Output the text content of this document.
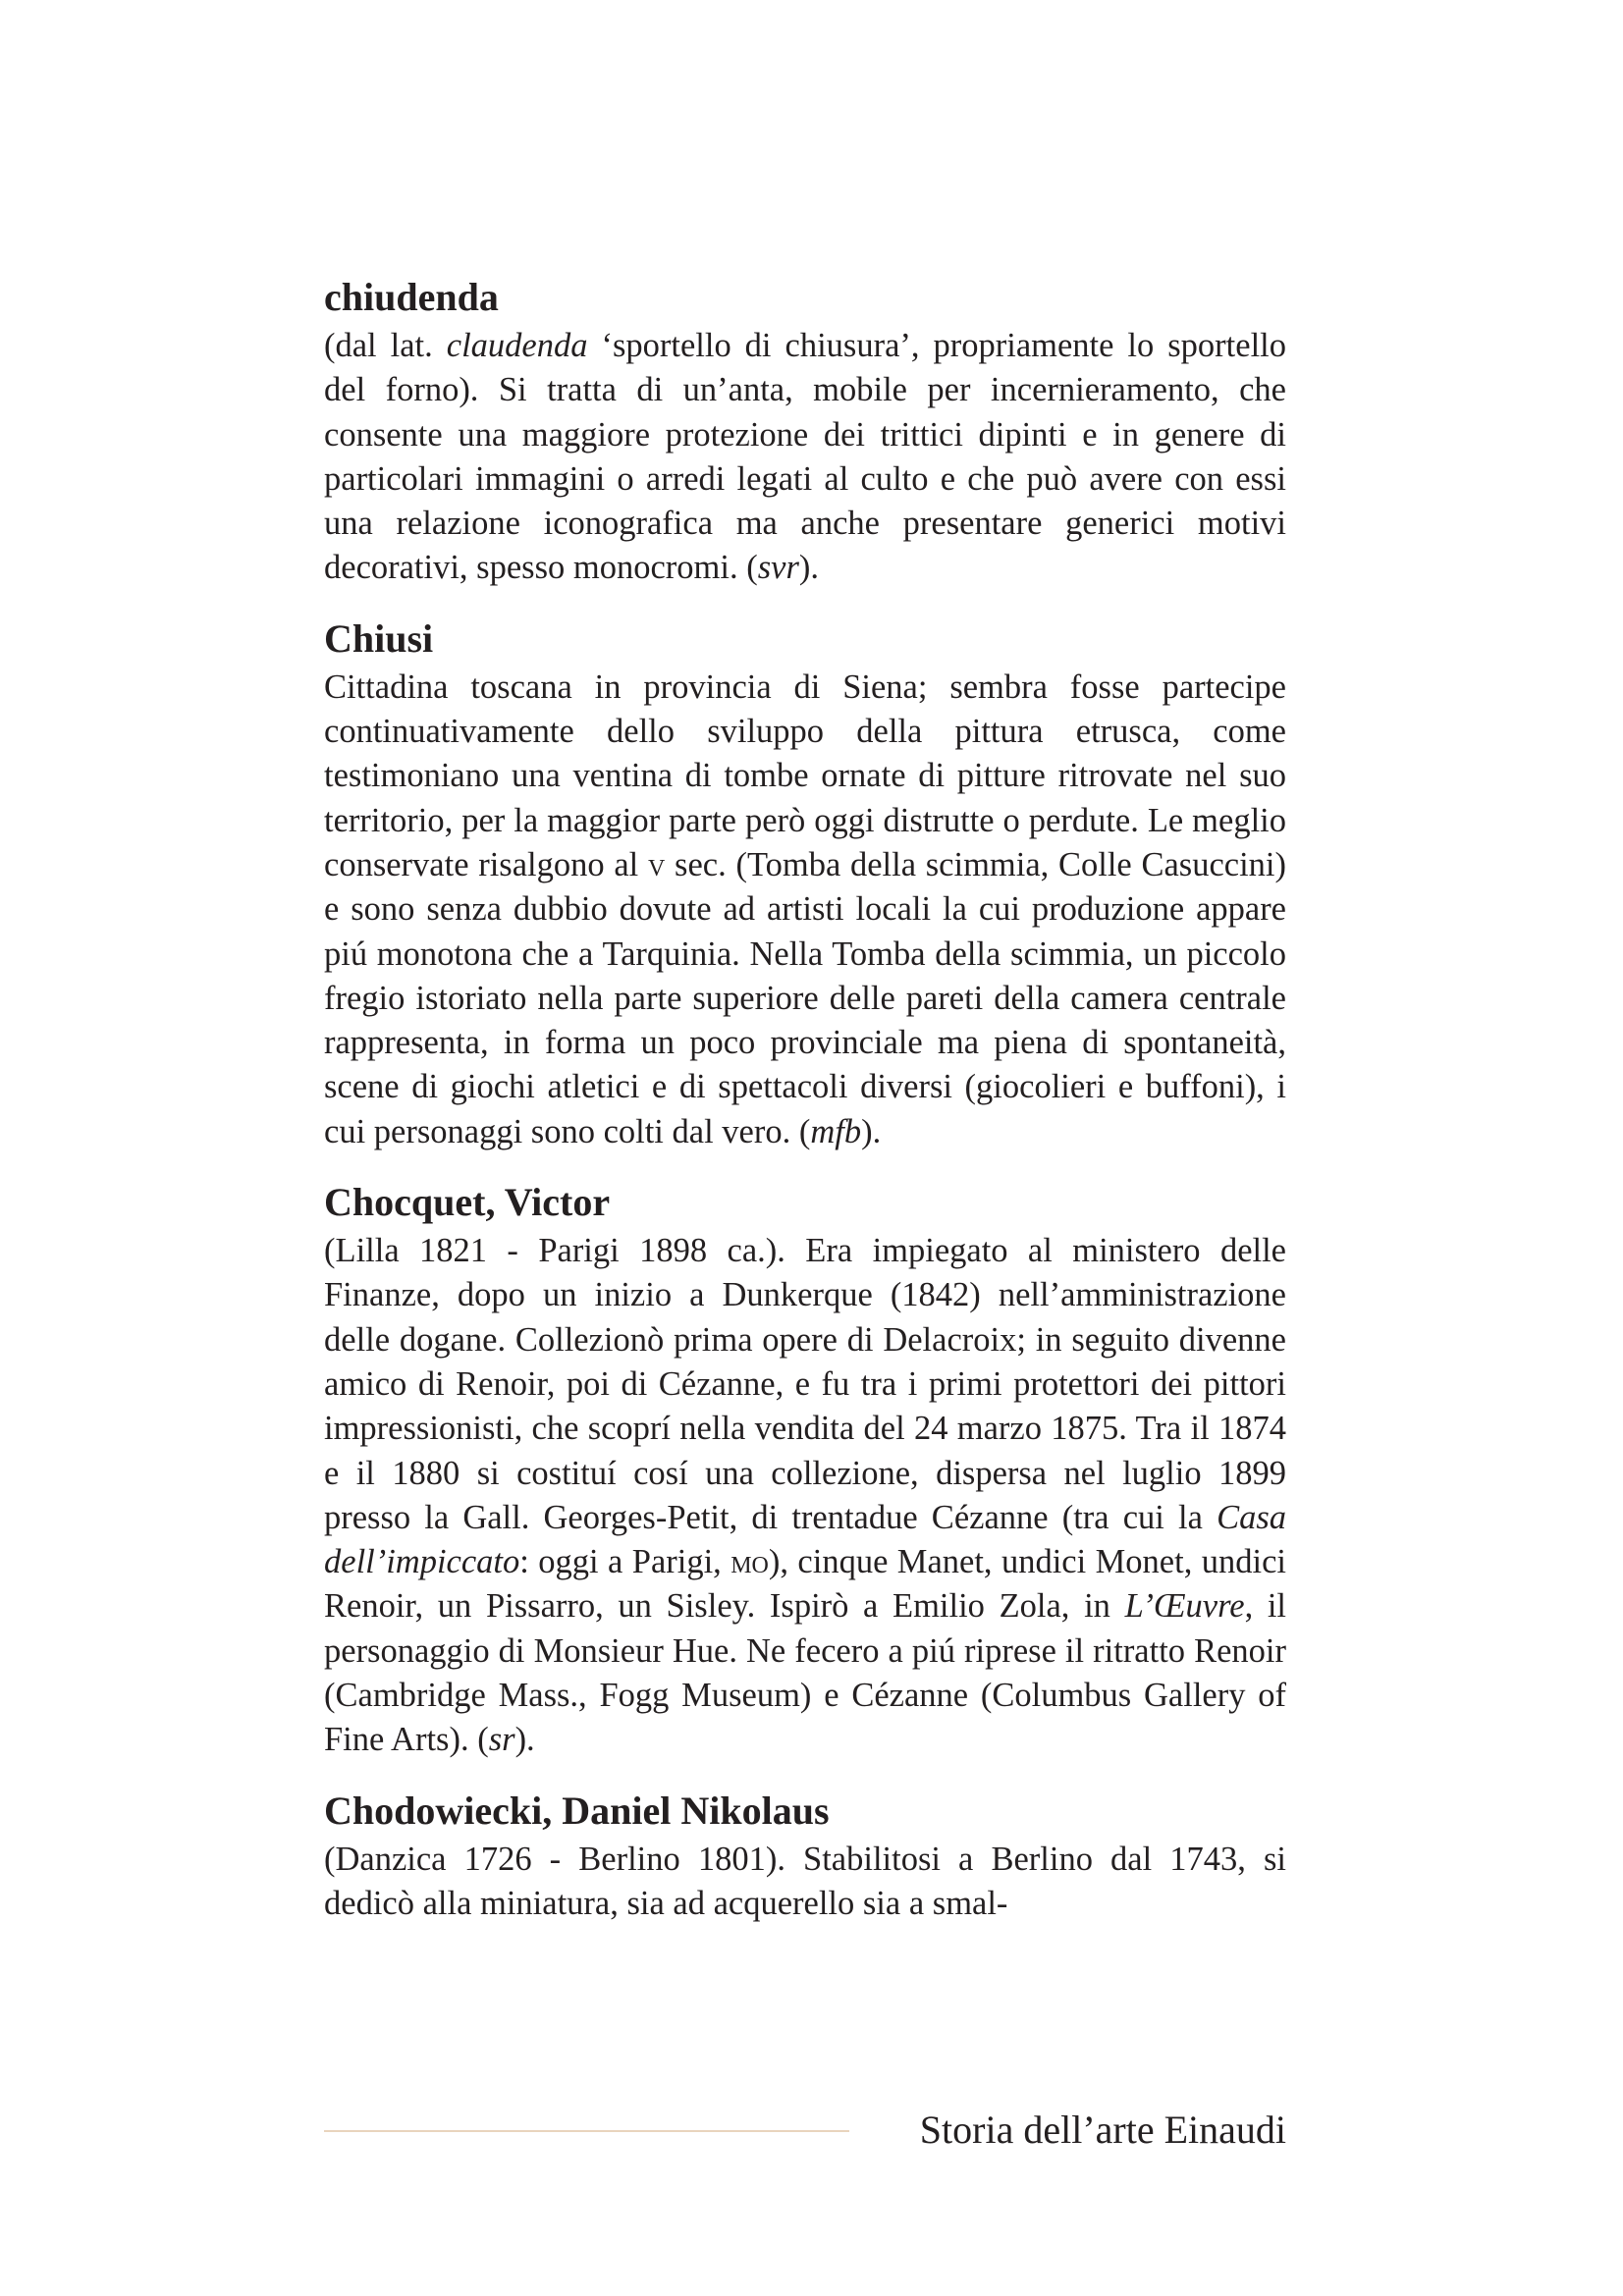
chiudenda

(dal lat. claudenda ‘sportello di chiusura’, propriamente lo sportello del forno). Si tratta di un’anta, mobile per incernieramento, che consente una maggiore protezione dei trittici dipinti e in genere di particolari immagini o arredi legati al culto e che può avere con essi una relazione iconografica ma anche presentare generici motivi decorativi, spesso monocromi. (svr).

Chiusi

Cittadina toscana in provincia di Siena; sembra fosse partecipe continuativamente dello sviluppo della pittura etrusca, come testimoniano una ventina di tombe ornate di pitture ritrovate nel suo territorio, per la maggior parte però oggi distrutte o perdute. Le meglio conservate risalgono al v sec. (Tomba della scimmia, Colle Casuccini) e sono senza dubbio dovute ad artisti locali la cui produzione appare piú monotona che a Tarquinia. Nella Tomba della scimmia, un piccolo fregio istoriato nella parte superiore delle pareti della camera centrale rappresenta, in forma un poco provinciale ma piena di spontaneità, scene di giochi atletici e di spettacoli diversi (giocolieri e buffoni), i cui personaggi sono colti dal vero. (mfb).

Chocquet, Victor

(Lilla 1821 - Parigi 1898 ca.). Era impiegato al ministero delle Finanze, dopo un inizio a Dunkerque (1842) nell’amministrazione delle dogane. Collezionò prima opere di Delacroix; in seguito divenne amico di Renoir, poi di Cézanne, e fu tra i primi protettori dei pittori impressionisti, che scoprí nella vendita del 24 marzo 1875. Tra il 1874 e il 1880 si costituí cosí una collezione, dispersa nel luglio 1899 presso la Gall. Georges-Petit, di trentadue Cézanne (tra cui la Casa dell’impiccato: oggi a Parigi, mo), cinque Manet, undici Monet, undici Renoir, un Pissarro, un Sisley. Ispirò a Emilio Zola, in L’Œuvre, il personaggio di Monsieur Hue. Ne fecero a piú riprese il ritratto Renoir (Cambridge Mass., Fogg Museum) e Cézanne (Columbus Gallery of Fine Arts). (sr).

Chodowiecki, Daniel Nikolaus

(Danzica 1726 - Berlino 1801). Stabilitosi a Berlino dal 1743, si dedicò alla miniatura, sia ad acquerello sia a smal-

Storia dell’arte Einaudi
